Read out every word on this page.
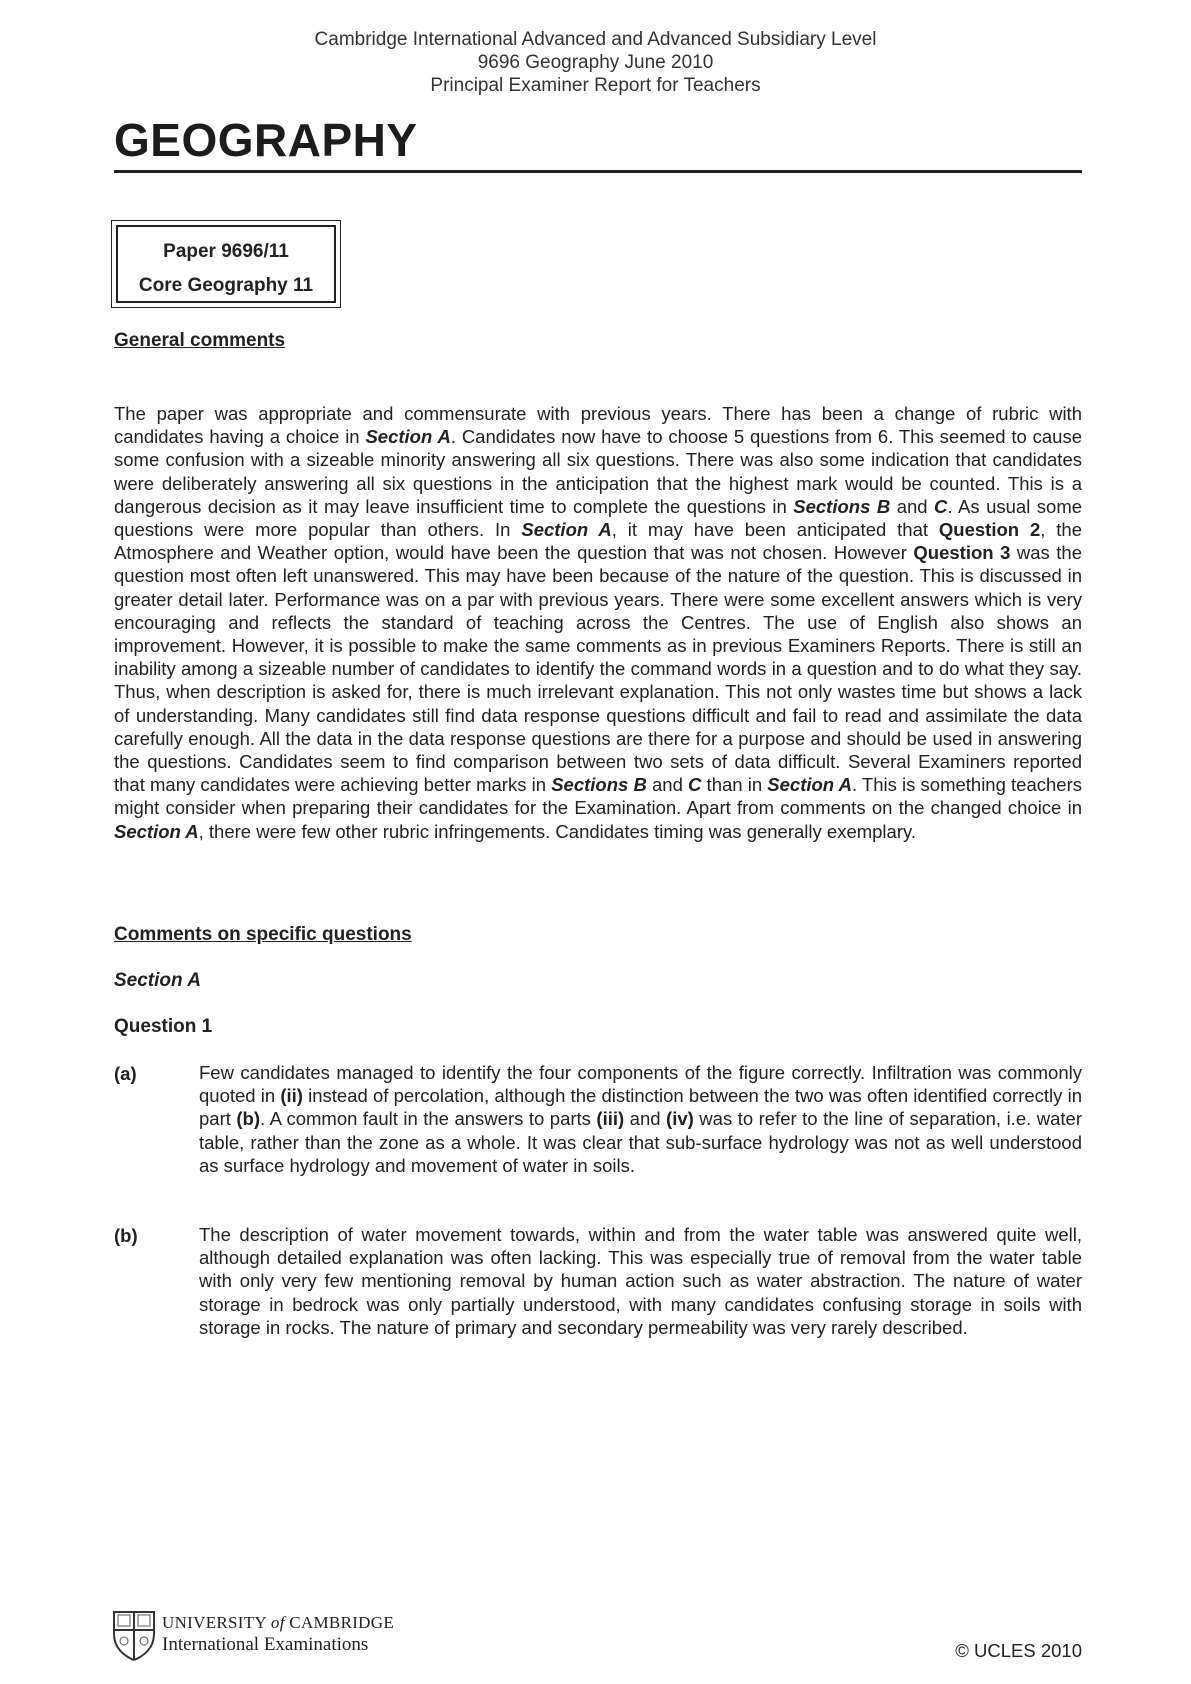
Cambridge International Advanced and Advanced Subsidiary Level
9696 Geography June 2010
Principal Examiner Report for Teachers
GEOGRAPHY
Paper 9696/11
Core Geography 11
General comments

The paper was appropriate and commensurate with previous years. There has been a change of rubric with candidates having a choice in Section A. Candidates now have to choose 5 questions from 6. This seemed to cause some confusion with a sizeable minority answering all six questions. There was also some indication that candidates were deliberately answering all six questions in the anticipation that the highest mark would be counted. This is a dangerous decision as it may leave insufficient time to complete the questions in Sections B and C. As usual some questions were more popular than others. In Section A, it may have been anticipated that Question 2, the Atmosphere and Weather option, would have been the question that was not chosen. However Question 3 was the question most often left unanswered. This may have been because of the nature of the question. This is discussed in greater detail later. Performance was on a par with previous years. There were some excellent answers which is very encouraging and reflects the standard of teaching across the Centres. The use of English also shows an improvement. However, it is possible to make the same comments as in previous Examiners Reports. There is still an inability among a sizeable number of candidates to identify the command words in a question and to do what they say. Thus, when description is asked for, there is much irrelevant explanation. This not only wastes time but shows a lack of understanding. Many candidates still find data response questions difficult and fail to read and assimilate the data carefully enough. All the data in the data response questions are there for a purpose and should be used in answering the questions. Candidates seem to find comparison between two sets of data difficult. Several Examiners reported that many candidates were achieving better marks in Sections B and C than in Section A. This is something teachers might consider when preparing their candidates for the Examination. Apart from comments on the changed choice in Section A, there were few other rubric infringements. Candidates timing was generally exemplary.

Comments on specific questions
Section A
Question 1
(a)	Few candidates managed to identify the four components of the figure correctly. Infiltration was commonly quoted in (ii) instead of percolation, although the distinction between the two was often identified correctly in part (b). A common fault in the answers to parts (iii) and (iv) was to refer to the line of separation, i.e. water table, rather than the zone as a whole. It was clear that sub-surface hydrology was not as well understood as surface hydrology and movement of water in soils.

(b)	The description of water movement towards, within and from the water table was answered quite well, although detailed explanation was often lacking. This was especially true of removal from the water table with only very few mentioning removal by human action such as water abstraction. The nature of water storage in bedrock was only partially understood, with many candidates confusing storage in soils with storage in rocks. The nature of primary and secondary permeability was very rarely described.

UNIVERSITY of CAMBRIDGE
International Examinations	© UCLES 2010
